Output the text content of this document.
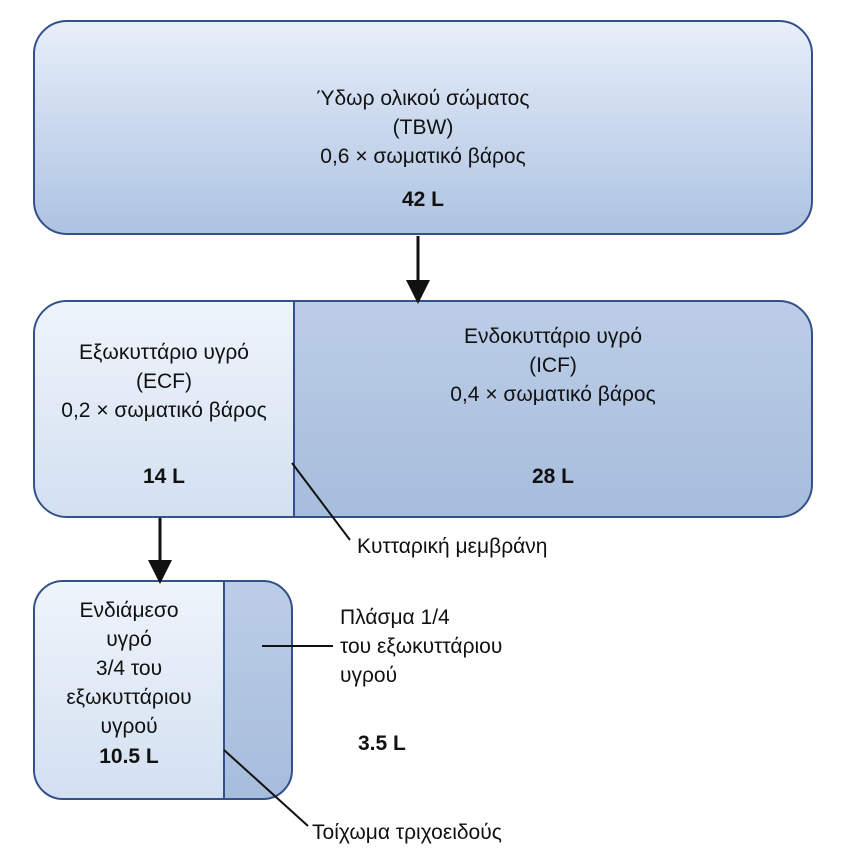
Ύδωρ ολικού σώματος
(TBW)
0,6 × σωματικό βάρος
42 L
Εξωκυττάριο υγρό
(ECF)
0,2 × σωματικό βάρος
14 L
Ενδοκυττάριο υγρό
(ICF)
0,4 × σωματικό βάρος
28 L
Ενδιάμεσο
υγρό
3/4 του
εξωκυττάριου
υγρού
10.5 L
Πλάσμα 1/4
του εξωκυττάριου
υγρού
3.5 L
Κυτταρική μεμβράνη
Τοίχωμα τριχοειδούς
